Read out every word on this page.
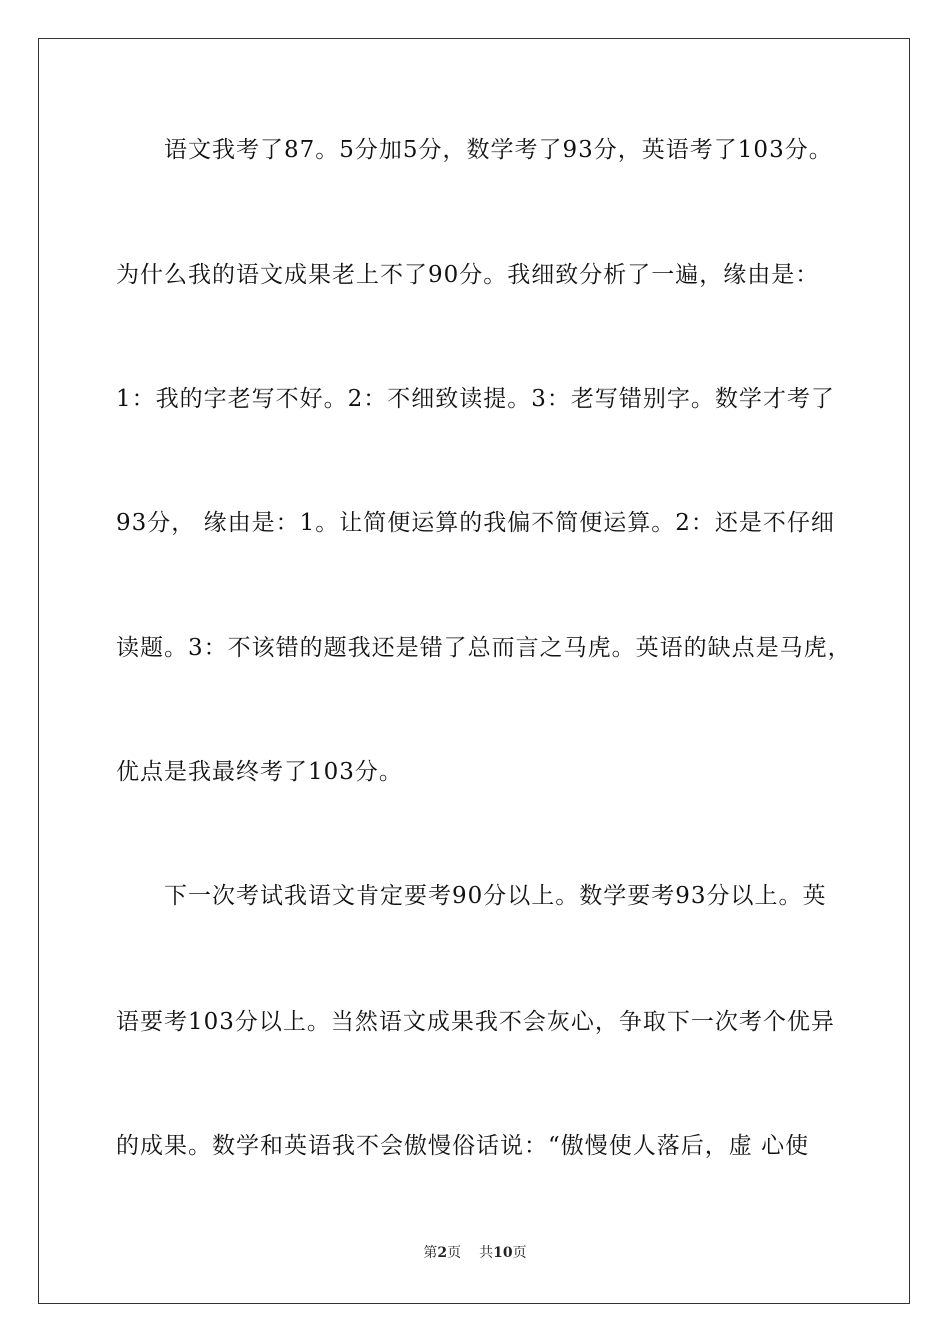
语文我考了87。5分加5分，数学考了93分，英语考了103分。
为什么我的语文成果老上不了90分。我细致分析了一遍，缘由是：
1：我的字老写不好。2：不细致读提。3：老写错别字。数学才考了
93分， 缘由是：1。让简便运算的我偏不简便运算。2：还是不仔细
读题。3：不该错的题我还是错了总而言之马虎。英语的缺点是马虎，
优点是我最终考了103分。
下一次考试我语文肯定要考90分以上。数学要考93分以上。英
语要考103分以上。当然语文成果我不会灰心，争取下一次考个优异
的成果。数学和英语我不会傲慢俗话说：“傲慢使人落后，虚 心使
第2页 共10页
